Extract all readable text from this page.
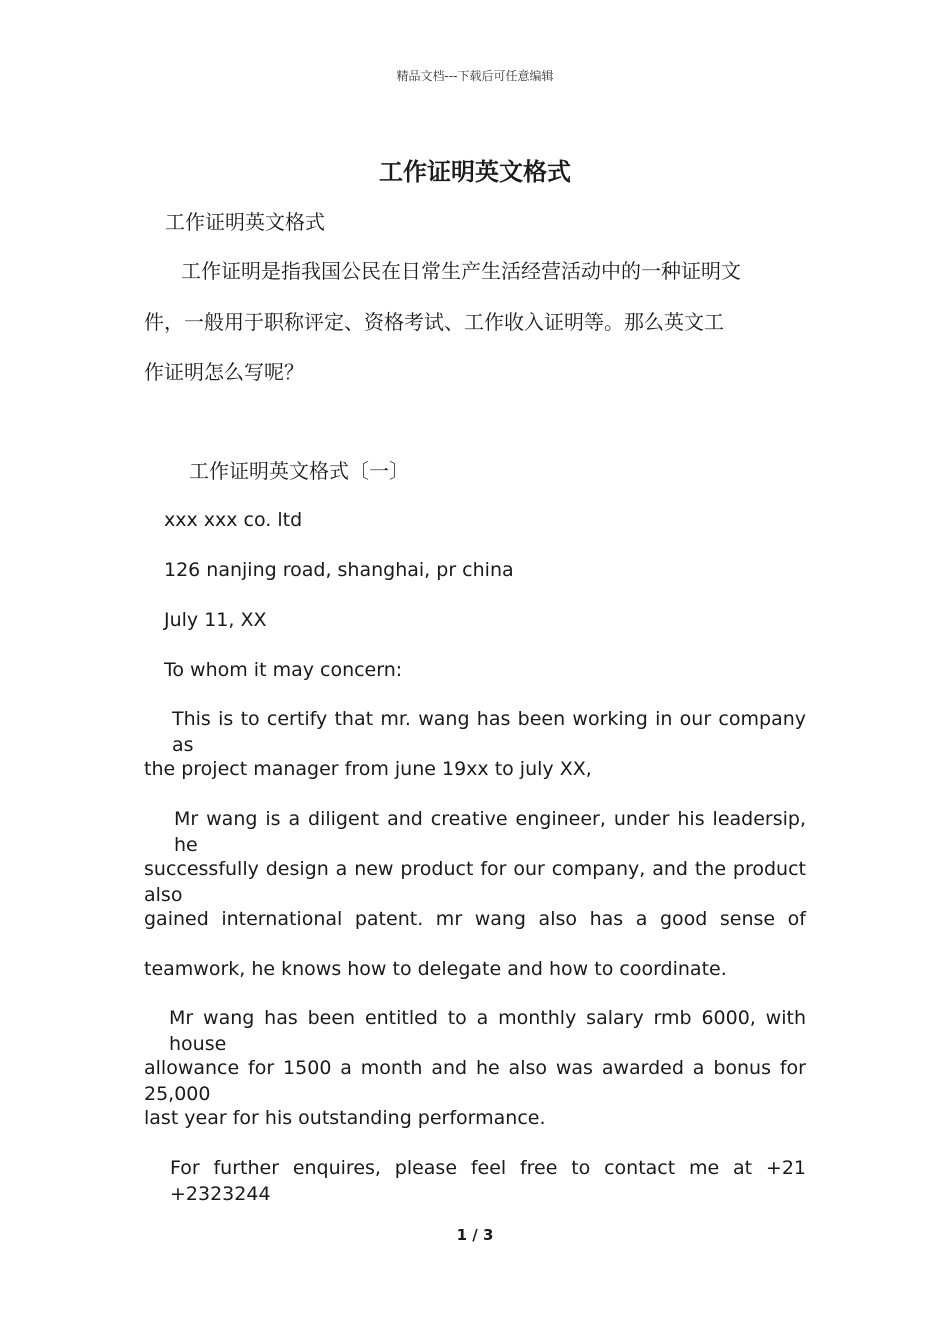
精品文档---下载后可任意编辑
工作证明英文格式
工作证明英文格式
工作证明是指我国公民在日常生产生活经营活动中的一种证明文
件，一般用于职称评定、资格考试、工作收入证明等。那么英文工
作证明怎么写呢？
工作证明英文格式〔一〕
xxx xxx co. ltd
126 nanjing road, shanghai, pr china
July 11, XX
To whom it may concern:
This is to certify that mr. wang has been working in our company as
the project manager from june 19xx to july XX,
Mr wang is a diligent and creative engineer, under his leadersip, he
successfully design a new product for our company, and the product also
gained international patent. mr wang also has a good sense of
teamwork, he knows how to delegate and how to coordinate.
Mr wang has been entitled to a monthly salary rmb 6000, with house
allowance for 1500 a month and he also was awarded a bonus for 25,000
last year for his outstanding performance.
For further enquires, please feel free to contact me at +21 +2323244
1 / 3
